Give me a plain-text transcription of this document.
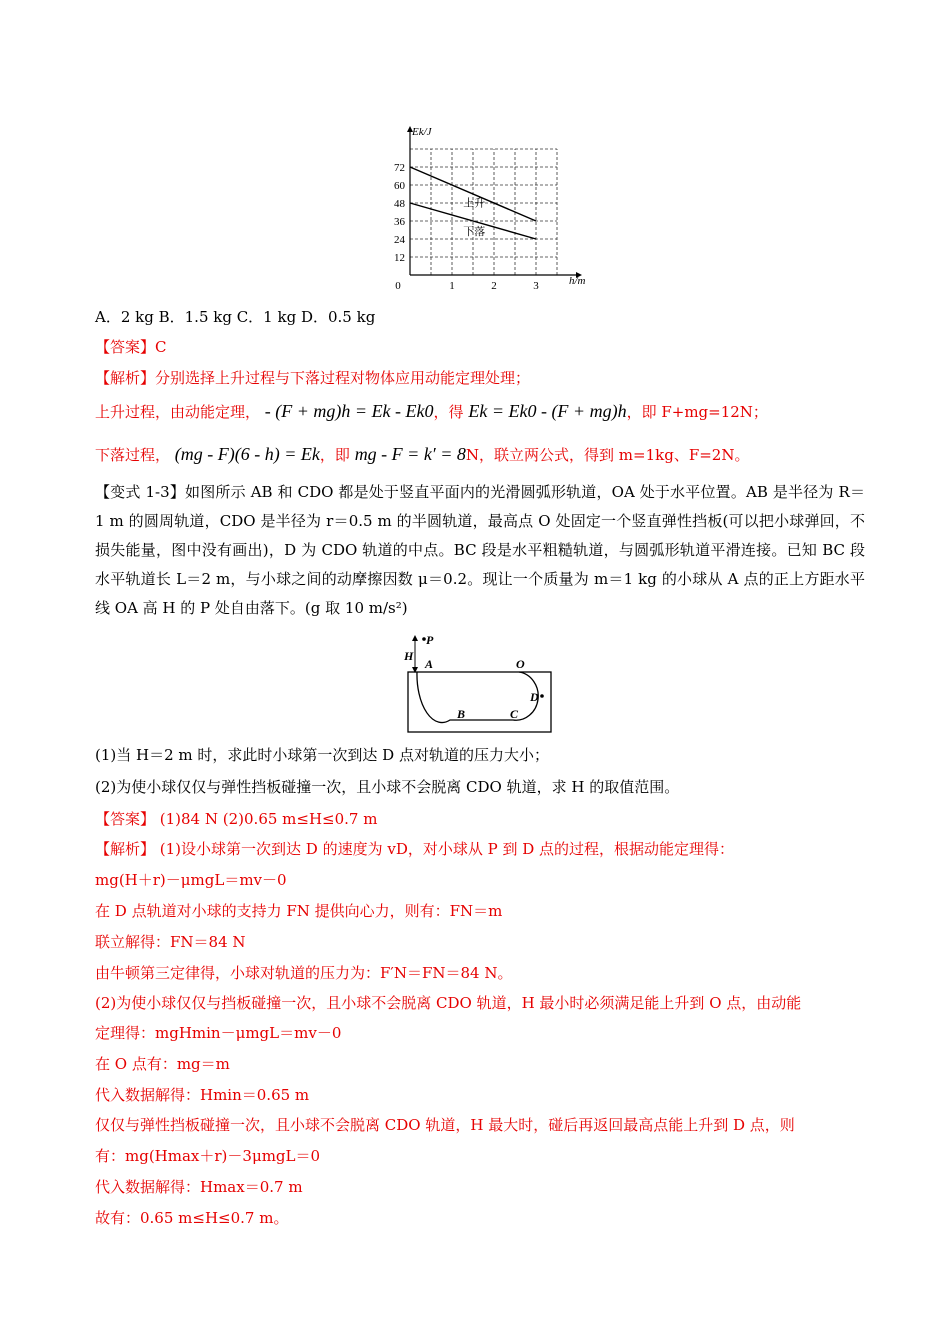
12
24
36
48
60
72
0	1	2	3
Ek/J
h/m
上升
下落
A．2 kg B．1.5 kg C．1 kg D．0.5 kg
【答案】C
【解析】分别选择上升过程与下落过程对物体应用动能定理处理；
上升过程，由动能定理， - (F + mg)h = Ek - Ek0，得 Ek = Ek0 - (F + mg)h，即 F+mg=12N；
下落过程， (mg - F)(6 - h) = Ek，即 mg - F = k′ = 8N，联立两公式，得到 m=1kg、F=2N。
【变式 1-3】如图所示 AB 和 CDO 都是处于竖直平面内的光滑圆弧形轨道，OA 处于水平位置。AB 是半径为 R＝1 m 的圆周轨道，CDO 是半径为 r＝0.5 m 的半圆轨道，最高点 O 处固定一个竖直弹性挡板(可以把小球弹回，不损失能量，图中没有画出)，D 为 CDO 轨道的中点。BC 段是水平粗糙轨道，与圆弧形轨道平滑连接。已知 BC 段水平轨道长 L＝2 m，与小球之间的动摩擦因数 μ＝0.2。现让一个质量为 m＝1 kg 的小球从 A 点的正上方距水平线 OA 高 H 的 P 处自由落下。(g 取 10 m/s²)
P
H
A	O
D
B	C
(1)当 H＝2 m 时，求此时小球第一次到达 D 点对轨道的压力大小；
(2)为使小球仅仅与弹性挡板碰撞一次，且小球不会脱离 CDO 轨道，求 H 的取值范围。
【答案】 (1)84 N (2)0.65 m≤H≤0.7 m
【解析】 (1)设小球第一次到达 D 的速度为 vD，对小球从 P 到 D 点的过程，根据动能定理得：
mg(H＋r)－μmgL＝mv－0
在 D 点轨道对小球的支持力 FN 提供向心力，则有：FN＝m
联立解得：FN＝84 N
由牛顿第三定律得，小球对轨道的压力为：F′N＝FN＝84 N。
(2)为使小球仅仅与挡板碰撞一次，且小球不会脱离 CDO 轨道，H 最小时必须满足能上升到 O 点，由动能
定理得：mgHmin－μmgL＝mv－0
在 O 点有：mg＝m
代入数据解得：Hmin＝0.65 m
仅仅与弹性挡板碰撞一次，且小球不会脱离 CDO 轨道，H 最大时，碰后再返回最高点能上升到 D 点，则
有：mg(Hmax＋r)－3μmgL＝0
代入数据解得：Hmax＝0.7 m
故有：0.65 m≤H≤0.7 m。
